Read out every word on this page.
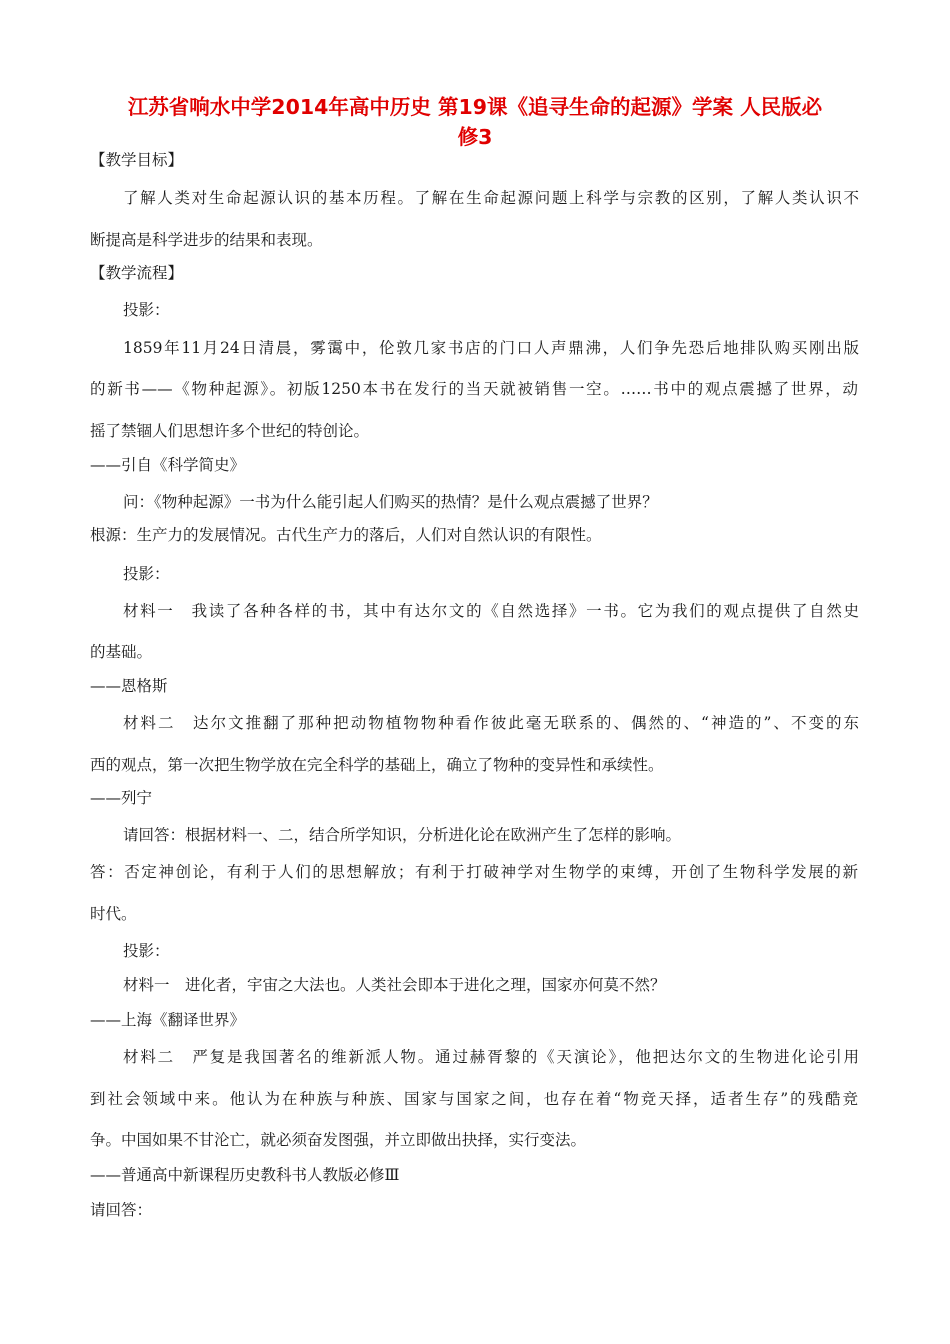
江苏省响水中学2014年高中历史 第19课《追寻生命的起源》学案 人民版必
修3
【教学目标】
了解人类对生命起源认识的基本历程。了解在生命起源问题上科学与宗教的区别，了解人类认识不
断提高是科学进步的结果和表现。
【教学流程】
投影：
1859年11月24日清晨，雾霭中，伦敦几家书店的门口人声鼎沸，人们争先恐后地排队购买刚出版
的新书——《物种起源》。初版1250本书在发行的当天就被销售一空。……书中的观点震撼了世界，动
摇了禁锢人们思想许多个世纪的特创论。
——引自《科学简史》
问：《物种起源》一书为什么能引起人们购买的热情？是什么观点震撼了世界？
根源：生产力的发展情况。古代生产力的落后，人们对自然认识的有限性。
投影：
材料一　我读了各种各样的书，其中有达尔文的《自然选择》一书。它为我们的观点提供了自然史
的基础。
——恩格斯
材料二　达尔文推翻了那种把动物植物物种看作彼此毫无联系的、偶然的、“神造的”、不变的东
西的观点，第一次把生物学放在完全科学的基础上，确立了物种的变异性和承续性。
——列宁
请回答：根据材料一、二，结合所学知识，分析进化论在欧洲产生了怎样的影响。
答：否定神创论，有利于人们的思想解放；有利于打破神学对生物学的束缚，开创了生物科学发展的新
时代。
投影：
材料一　进化者，宇宙之大法也。人类社会即本于进化之理，国家亦何莫不然？
——上海《翻译世界》
材料二　严复是我国著名的维新派人物。通过赫胥黎的《天演论》，他把达尔文的生物进化论引用
到社会领域中来。他认为在种族与种族、国家与国家之间，也存在着“物竞天择，适者生存”的残酷竞
争。中国如果不甘沦亡，就必须奋发图强，并立即做出抉择，实行变法。
——普通高中新课程历史教科书人教版必修Ⅲ
请回答：
